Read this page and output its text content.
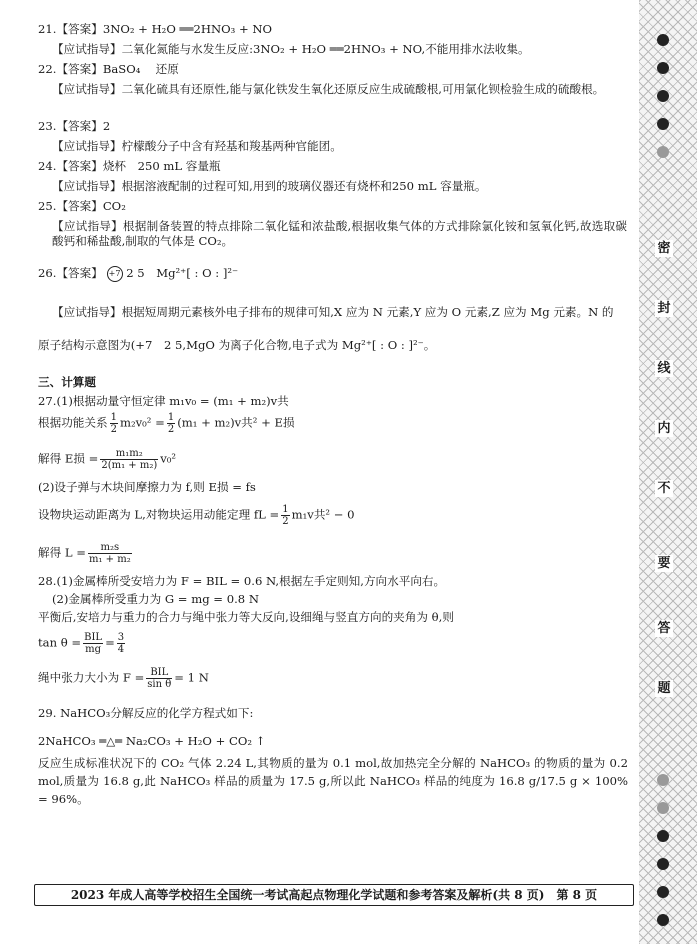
21.【答案】3NO₂ + H₂O ══2HNO₃ + NO
【应试指导】二氧化氮能与水发生反应:3NO₂ + H₂O ══2HNO₃ + NO,不能用排水法收集。
22.【答案】BaSO₄　 还原
【应试指导】二氧化硫具有还原性,能与氯化铁发生氧化还原反应生成硫酸根,可用氯化钡检验生成的硫酸根。
23.【答案】2
【应试指导】柠檬酸分子中含有羟基和羧基两种官能团。
24.【答案】烧杯　250 mL 容量瓶
【应试指导】根据溶液配制的过程可知,用到的玻璃仪器还有烧杯和250 mL 容量瓶。
25.【答案】CO₂
【应试指导】根据制备装置的特点排除二氧化锰和浓盐酸,根据收集气体的方式排除氯化铵和氢氧化钙,故选取碳酸钙和稀盐酸,制取的气体是 CO₂。
26.【答案】 +7 2 5　Mg²⁺[ : O : ]²⁻
【应试指导】根据短周期元素核外电子排布的规律可知,X 应为 N 元素,Y 应为 O 元素,Z 应为 Mg 元素。N 的
原子结构示意图为(+7　2 5,MgO 为离子化合物,电子式为 Mg²⁺[ : O : ]²⁻。
三、计算题
27.(1)根据动量守恒定律 m₁v₀ = (m₁ + m₂)v共
根据功能关系 $\frac{1}{2} m_2v_0^2 = \frac{1}{2} (m_1 + m_2)v$共² + E损
解得 E损 = $\frac{\text{m₁m₂}}{\text{2(m₁ + m₂)}} v_0^2$
(2)设子弹与木块间摩擦力为 f,则 E损 = fs
设物块运动距离为 L,对物块运用动能定理 fL = $\frac{1}{2} m_1v$共² − 0
解得 $L = \frac{\text{m₂s}}{\text{m₁ + m₂}}$
28.(1)金属棒所受安培力为 F = BIL = 0.6 N,根据左手定则知,方向水平向右。
(2)金属棒所受重力为 G = mg = 0.8 N
平衡后,安培力与重力的合力与绳中张力等大反向,设细绳与竖直方向的夹角为 θ,则
$\tan \theta = \frac{\text{BIL}}{mg} = \frac{3}{4}$
绳中张力大小为 $F = \frac{\text{BIL}}{\text{sin θ}} = 1$ N
29. NaHCO₃分解反应的化学方程式如下:
2NaHCO₃ ═△═ Na₂CO₃ + H₂O + CO₂ ↑
反应生成标准状况下的 CO₂ 气体 2.24 L,其物质的量为 0.1 mol,故加热完全分解的 NaHCO₃ 的物质的量为 0.2 mol,质量为 16.8 g,此 NaHCO₃ 样品的质量为 17.5 g,所以此 NaHCO₃ 样品的纯度为 16.8 g/17.5 g × 100% = 96%。
密
封
线
内
不
要
答
题
2023 年成人高等学校招生全国统一考试高起点物理化学试题和参考答案及解析(共 8 页)　第 8 页
